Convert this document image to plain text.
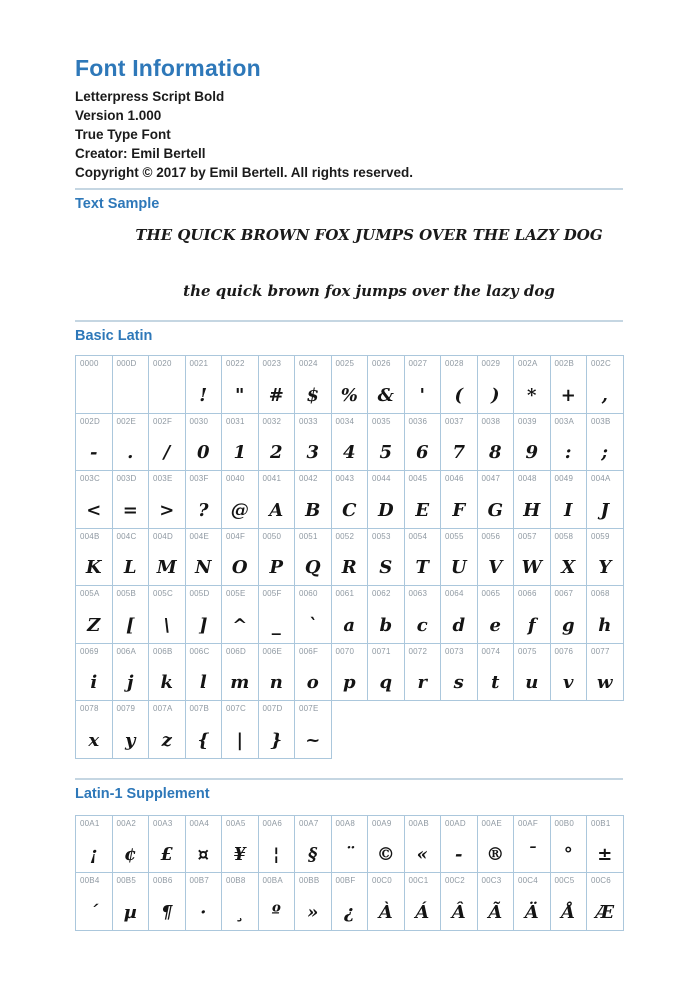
Font Information
Letterpress Script Bold
Version 1.000
True Type Font
Creator: Emil Bertell
Copyright © 2017 by Emil Bertell. All rights reserved.
Text Sample
THE QUICK BROWN FOX JUMPS OVER THE LAZY DOG
the quick brown fox jumps over the lazy dog
Basic Latin
0000 000D 0020 0021
!
0022
"
0023
#
0024
$
0025
%
0026
&
0027
'
0028
(
0029
)
002A
*
002B
+
002C
,
002D
-
002E
.
002F
/
0030
0
0031
1
0032
2
0033
3
0034
4
0035
5
0036
6
0037
7
0038
8
0039
9
003A
:
003B
;
003C
<
003D
=
003E
>
003F
?
0040
@
0041
A
0042
B
0043
C
0044
D
0045
E
0046
F
0047
G
0048
H
0049
I
004A
J
004B
K
004C
L
004D
M
004E
N
004F
O
0050
P
0051
Q
0052
R
0053
S
0054
T
0055
U
0056
V
0057
W
0058
X
0059
Y
005A
Z
005B
[
005C
\
005D
]
005E
^
005F
_
0060
`
0061
a
0062
b
0063
c
0064
d
0065
e
0066
f
0067
g
0068
h
0069
i
006A
j
006B
k
006C
l
006D
m
006E
n
006F
o
0070
p
0071
q
0072
r
0073
s
0074
t
0075
u
0076
v
0077
w
0078
x
0079
y
007A
z
007B
{
007C
|
007D
}
007E
~
Latin-1 Supplement
00A1
¡
00A2
¢
00A3
£
00A4
¤
00A5
¥
00A6
¦
00A7
§
00A8
¨
00A9
©
00AB
«
00AD
-
00AE
®
00AF
¯
00B0
°
00B1
±
00B4
´
00B5
µ
00B6
¶
00B7
·
00B8
¸
00BA
º
00BB
»
00BF
¿
00C0
À
00C1
Á
00C2
Â
00C3
Ã
00C4
Ä
00C5
Å
00C6
Æ
